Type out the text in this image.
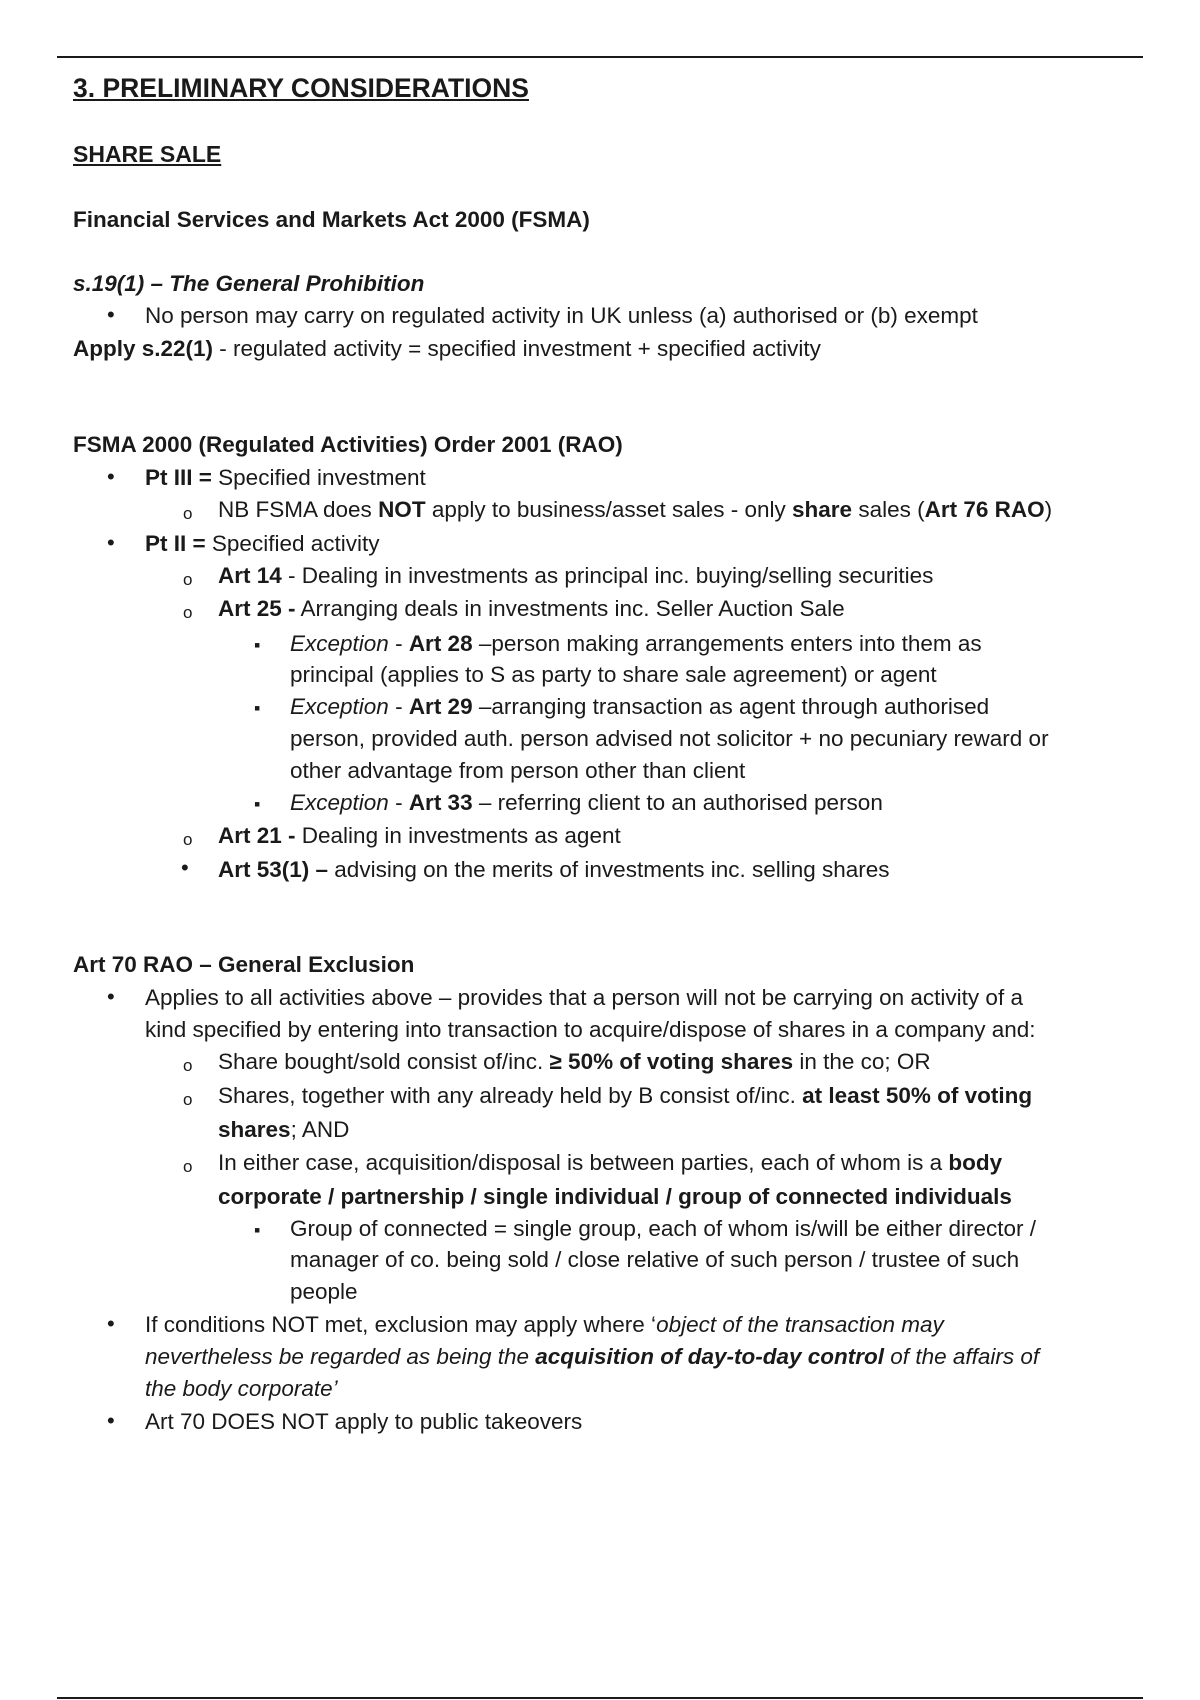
3. PRELIMINARY CONSIDERATIONS
SHARE SALE
Financial Services and Markets Act 2000 (FSMA)
s.19(1) – The General Prohibition
•
No person may carry on regulated activity in UK unless (a) authorised or (b) exempt
Apply s.22(1) - regulated activity = specified investment + specified activity
FSMA 2000 (Regulated Activities) Order 2001 (RAO)
•
Pt III = Specified investment
o
NB FSMA does NOT apply to business/asset sales - only share sales (Art 76 RAO)
•
Pt II = Specified activity
o
Art 14 - Dealing in investments as principal inc. buying/selling securities
o
Art 25 - Arranging deals in investments inc. Seller Auction Sale
▪
Exception - Art 28 –person making arrangements enters into them as
principal (applies to S as party to share sale agreement) or agent
▪
Exception - Art 29 –arranging transaction as agent through authorised
person, provided auth. person advised not solicitor + no pecuniary reward or
other advantage from person other than client
▪
Exception - Art 33 – referring client to an authorised person
o
Art 21 - Dealing in investments as agent
•
Art 53(1) – advising on the merits of investments inc. selling shares
Art 70 RAO – General Exclusion
•
Applies to all activities above – provides that a person will not be carrying on activity of a
kind specified by entering into transaction to acquire/dispose of shares in a company and:
o
Share bought/sold consist of/inc. ≥ 50% of voting shares in the co; OR
o
Shares, together with any already held by B consist of/inc. at least 50% of voting
shares; AND
o
In either case, acquisition/disposal is between parties, each of whom is a body
corporate / partnership / single individual / group of connected individuals
▪
Group of connected = single group, each of whom is/will be either director /
manager of co. being sold / close relative of such person / trustee of such
people
•
If conditions NOT met, exclusion may apply where ‘object of the transaction may
nevertheless be regarded as being the acquisition of day-to-day control of the affairs of
the body corporate’
•
Art 70 DOES NOT apply to public takeovers
